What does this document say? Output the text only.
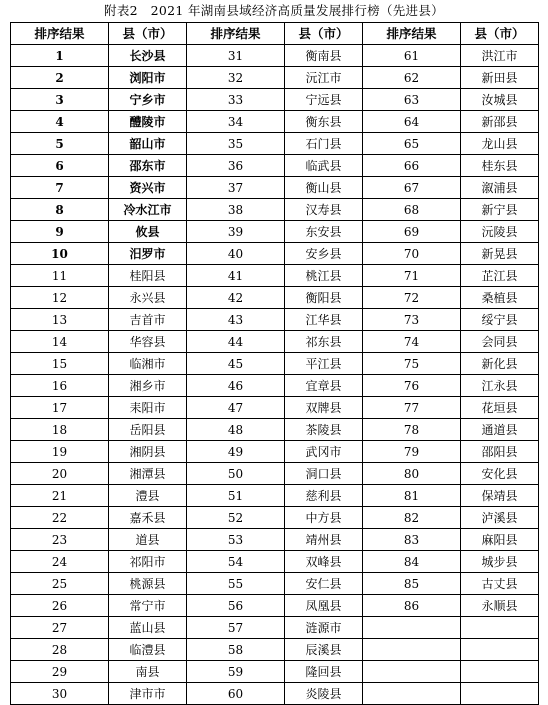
附表2　2021 年湖南县域经济高质量发展排行榜（先进县）
排序结果	县（市）	排序结果	县（市）	排序结果	县（市）
1	长沙县	31	衡南县	61	洪江市
2	浏阳市	32	沅江市	62	新田县
3	宁乡市	33	宁远县	63	汝城县
4	醴陵市	34	衡东县	64	新邵县
5	韶山市	35	石门县	65	龙山县
6	邵东市	36	临武县	66	桂东县
7	资兴市	37	衡山县	67	溆浦县
8	冷水江市	38	汉寿县	68	新宁县
9	攸县	39	东安县	69	沅陵县
10	汨罗市	40	安乡县	70	新晃县
11	桂阳县	41	桃江县	71	芷江县
12	永兴县	42	衡阳县	72	桑植县
13	吉首市	43	江华县	73	绥宁县
14	华容县	44	祁东县	74	会同县
15	临湘市	45	平江县	75	新化县
16	湘乡市	46	宜章县	76	江永县
17	耒阳市	47	双牌县	77	花垣县
18	岳阳县	48	茶陵县	78	通道县
19	湘阴县	49	武冈市	79	邵阳县
20	湘潭县	50	洞口县	80	安化县
21	澧县	51	慈利县	81	保靖县
22	嘉禾县	52	中方县	82	泸溪县
23	道县	53	靖州县	83	麻阳县
24	祁阳市	54	双峰县	84	城步县
25	桃源县	55	安仁县	85	古丈县
26	常宁市	56	凤凰县	86	永顺县
27	蓝山县	57	涟源市		
28	临澧县	58	辰溪县		
29	南县	59	隆回县		
30	津市市	60	炎陵县		
